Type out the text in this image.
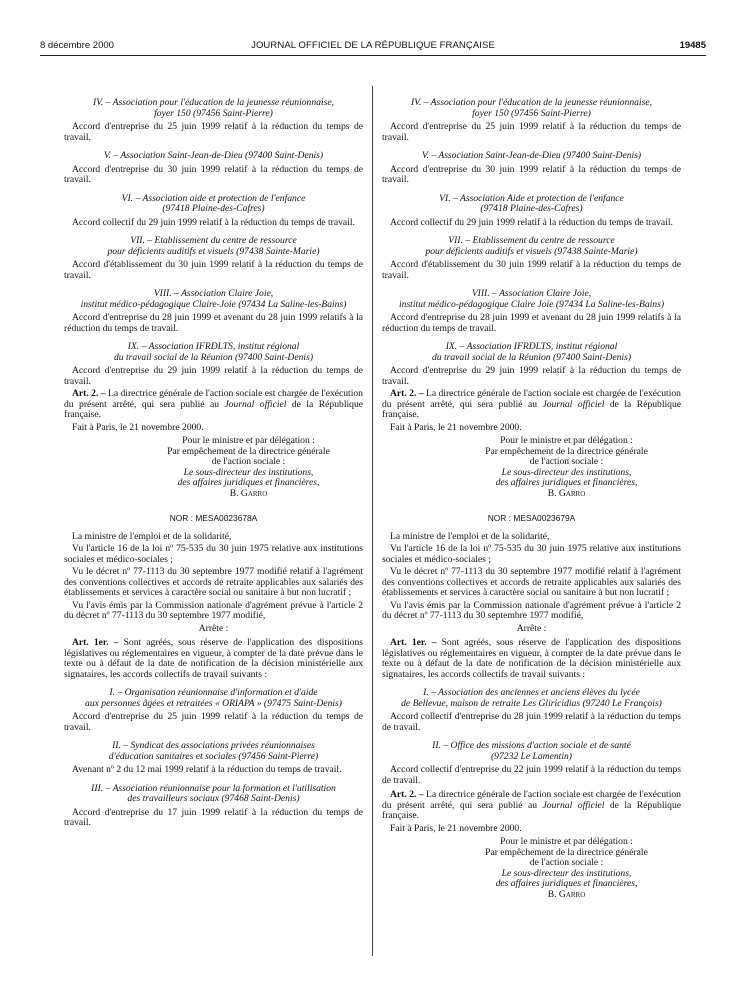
8 décembre 2000	JOURNAL OFFICIEL DE LA RÉPUBLIQUE FRANÇAISE	19485
IV. – Association pour l'éducation de la jeunesse réunionnaise,
foyer 150 (97456 Saint-Pierre)

Accord d'entreprise du 25 juin 1999 relatif à la réduction du temps de travail.

V. – Association Saint-Jean-de-Dieu (97400 Saint-Denis)

Accord d'entreprise du 30 juin 1999 relatif à la réduction du temps de travail.

VI. – Association aide et protection de l'enfance
(97418 Plaine-des-Cafres)

Accord collectif du 29 juin 1999 relatif à la réduction du temps de travail.

VII. – Etablissement du centre de ressource
pour déficients auditifs et visuels (97438 Sainte-Marie)

Accord d'établissement du 30 juin 1999 relatif à la réduction du temps de travail.

VIII. – Association Claire Joie,
institut médico-pédagogique Claire-Joie (97434 La Saline-les-Bains)

Accord d'entreprise du 28 juin 1999 et avenant du 28 juin 1999 relatifs à la réduction du temps de travail.

IX. – Association IFRDLTS, institut régional
du travail social de la Réunion (97400 Saint-Denis)

Accord d'entreprise du 29 juin 1999 relatif à la réduction du temps de travail.

Art. 2. – La directrice générale de l'action sociale est chargée de l'exécution du présent arrêté, qui sera publié au Journal officiel de la République française.

Fait à Paris, le 21 novembre 2000.

Pour le ministre et par délégation :
Par empêchement de la directrice générale
de l'action sociale :
Le sous-directeur des institutions,
des affaires juridiques et financières,
B. Garro
NOR : MESA0023678A

La ministre de l'emploi et de la solidarité,

Vu l'article 16 de la loi nº 75-535 du 30 juin 1975 relative aux institutions sociales et médico-sociales ;

Vu le décret nº 77-1113 du 30 septembre 1977 modifié relatif à l'agrément des conventions collectives et accords de retraite applicables aux salariés des établissements et services à caractère social ou sanitaire à but non lucratif ;

Vu l'avis émis par la Commission nationale d'agrément prévue à l'article 2 du décret nº 77-1113 du 30 septembre 1977 modifié,

Arrête :

Art. 1er. – Sont agréés, sous réserve de l'application des dispositions législatives ou réglementaires en vigueur, à compter de la date prévue dans le texte ou à défaut de la date de notification de la décision ministérielle aux signataires, les accords collectifs de travail suivants :

I. – Organisation réunionnaise d'information et d'aide
aux personnes âgées et retraitées « ORIAPA » (97475 Saint-Denis)

Accord d'entreprise du 25 juin 1999 relatif à la réduction du temps de travail.

II. – Syndicat des associations privées réunionnaises
d'éducation sanitaires et sociales (97456 Saint-Pierre)

Avenant nº 2 du 12 mai 1999 relatif à la réduction du temps de travail.

III. – Association réunionnaise pour la formation et l'utilisation
des travailleurs sociaux (97468 Saint-Denis)

Accord d'entreprise du 17 juin 1999 relatif à la réduction du temps de travail.

IV. – Association pour l'éducation de la jeunesse réunionnaise,
foyer 150 (97456 Saint-Pierre)

Accord d'entreprise du 25 juin 1999 relatif à la réduction du temps de travail.

V. – Association Saint-Jean-de-Dieu (97400 Saint-Denis)

Accord d'entreprise du 30 juin 1999 relatif à la réduction du temps de travail.

VI. – Association Aide et protection de l'enfance
(97418 Plaine-des-Cafres)

Accord collectif du 29 juin 1999 relatif à la réduction du temps de travail.

VII. – Etablissement du centre de ressource
pour déficients auditifs et visuels (97438 Sainte-Marie)

Accord d'établissement du 30 juin 1999 relatif à la réduction du temps de travail.

VIII. – Association Claire Joie,
institut médico-pédagogique Claire Joie (97434 La Saline-les-Bains)

Accord d'entreprise du 28 juin 1999 et avenant du 28 juin 1999 relatifs à la réduction du temps de travail.

IX. – Association IFRDLTS, institut régional
du travail social de la Réunion (97400 Saint-Denis)

Accord d'entreprise du 29 juin 1999 relatif à la réduction du temps de travail.

Art. 2. – La directrice générale de l'action sociale est chargée de l'exécution du présent arrêté, qui sera publié au Journal officiel de la République française.

Fait à Paris, le 21 novembre 2000.

Pour le ministre et par délégation :
Par empêchement de la directrice générale
de l'action sociale :
Le sous-directeur des institutions,
des affaires juridiques et financières,
B. Garro
NOR : MESA0023679A

La ministre de l'emploi et de la solidarité,

Vu l'article 16 de la loi nº 75-535 du 30 juin 1975 relative aux institutions sociales et médico-sociales ;

Vu le décret nº 77-1113 du 30 septembre 1977 modifié relatif à l'agrément des conventions collectives et accords de retraite applicables aux salariés des établissements et services à caractère social ou sanitaire à but non lucratif ;

Vu l'avis émis par la Commission nationale d'agrément prévue à l'article 2 du décret nº 77-1113 du 30 septembre 1977 modifié,

Arrête :

Art. 1er. – Sont agréés, sous réserve de l'application des dispositions législatives ou réglementaires en vigueur, à compter de la date prévue dans le texte ou à défaut de la date de notification de la décision ministérielle aux signataires, les accords collectifs de travail suivants :

I. – Association des anciennes et anciens élèves du lycée
de Bellevue, maison de retraite Les Gliricidias (97240 Le François)

Accord collectif d'entreprise du 28 juin 1999 relatif à la réduction du temps de travail.

II. – Office des missions d'action sociale et de santé
(97232 Le Lamentin)

Accord collectif d'entreprise du 22 juin 1999 relatif à la réduction du temps de travail.

Art. 2. – La directrice générale de l'action sociale est chargée de l'exécution du présent arrêté, qui sera publié au Journal officiel de la République française.

Fait à Paris, le 21 novembre 2000.

Pour le ministre et par délégation :
Par empêchement de la directrice générale
de l'action sociale :
Le sous-directeur des institutions,
des affaires juridiques et financières,
B. Garro
